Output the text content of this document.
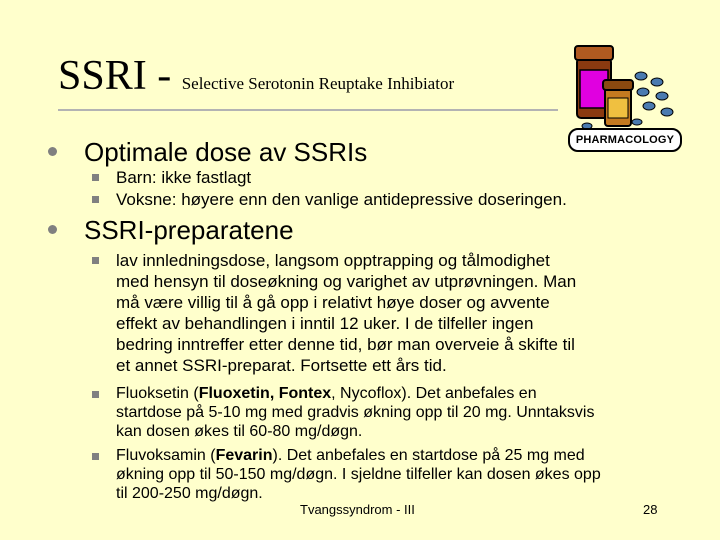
SSRI - Selective Serotonin Reuptake Inhibiator
PHARMACOLOGY
Optimale dose av SSRIs
Barn: ikke fastlagt
Voksne: høyere enn den vanlige antidepressive doseringen.
SSRI-preparatene
lav innledningsdose, langsom opptrapping og tålmodighet
med hensyn til doseøkning og varighet av utprøvningen. Man
må være villig til å gå opp i relativt høye doser og avvente
effekt av behandlingen i inntil 12 uker. I de tilfeller ingen
bedring inntreffer etter denne tid, bør man overveie å skifte til
et annet SSRI-preparat. Fortsette ett års tid.
Fluoksetin (Fluoxetin, Fontex, Nycoflox). Det anbefales en
startdose på 5-10 mg med gradvis økning opp til 20 mg. Unntaksvis
kan dosen økes til 60-80 mg/døgn.
Fluvoksamin (Fevarin). Det anbefales en startdose på 25 mg med
økning opp til 50-150 mg/døgn. I sjeldne tilfeller kan dosen økes opp
til 200-250 mg/døgn.
Tvangssyndrom - III	28
